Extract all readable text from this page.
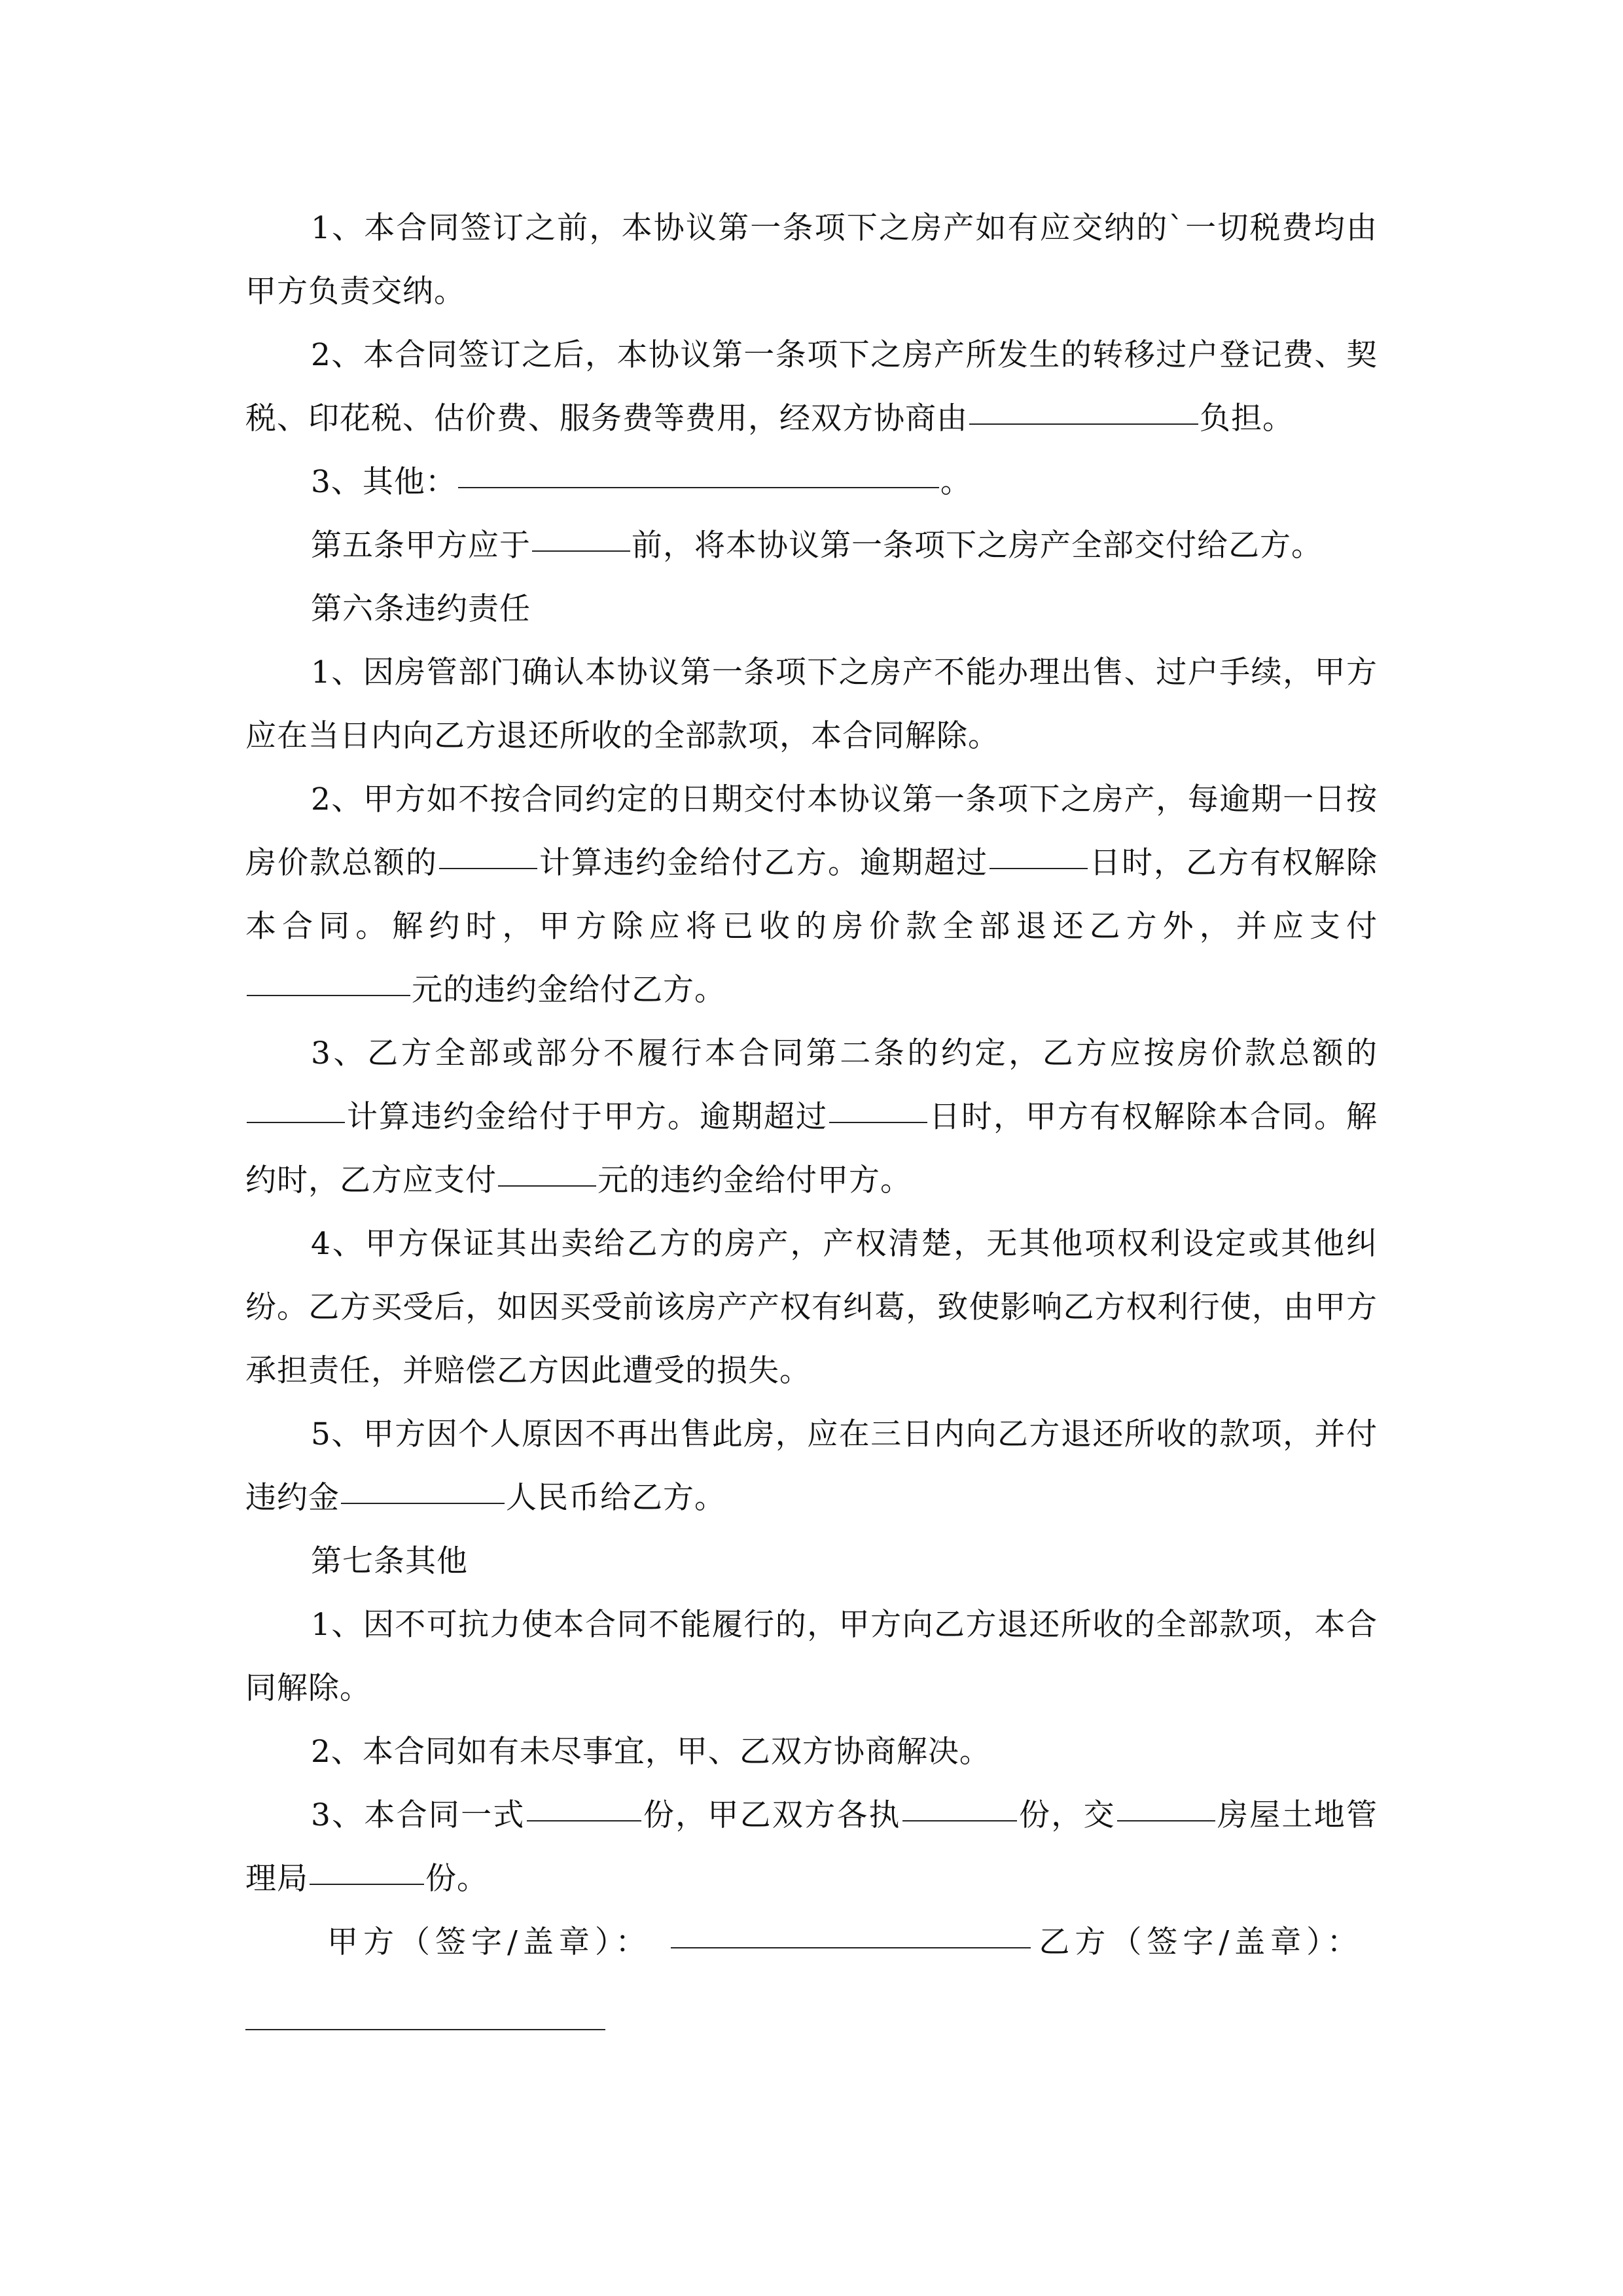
1、本合同签订之前，本协议第一条项下之房产如有应交纳的`一切税费均由甲方负责交纳。

2、本合同签订之后，本协议第一条项下之房产所发生的转移过户登记费、契税、印花税、估价费、服务费等费用，经双方协商由	负担。

3、其他：	。

第五条甲方应于	前，将本协议第一条项下之房产全部交付给乙方。

第六条违约责任

1、因房管部门确认本协议第一条项下之房产不能办理出售、过户手续，甲方应在当日内向乙方退还所收的全部款项，本合同解除。

2、甲方如不按合同约定的日期交付本协议第一条项下之房产，每逾期一日按房价款总额的	计算违约金给付乙方。逾期超过	日时，乙方有权解除本合同。解约时，甲方除应将已收的房价款全部退还乙方外，并应支付元的违约金给付乙方。

3、乙方全部或部分不履行本合同第二条的约定，乙方应按房价款总额的计算违约金给付于甲方。逾期超过	日时，甲方有权解除本合同。解约时，乙方应支付	元的违约金给付甲方。

4、甲方保证其出卖给乙方的房产，产权清楚，无其他项权利设定或其他纠纷。乙方买受后，如因买受前该房产产权有纠葛，致使影响乙方权利行使，由甲方承担责任，并赔偿乙方因此遭受的损失。

5、甲方因个人原因不再出售此房，应在三日内向乙方退还所收的款项，并付违约金	人民币给乙方。

第七条其他

1、因不可抗力使本合同不能履行的，甲方向乙方退还所收的全部款项，本合同解除。

2、本合同如有未尽事宜，甲、乙双方协商解决。

3、本合同一式	份，甲乙双方各执	份，交	房屋土地管理局	份。

甲方（签字/盖章）：	乙方（签字/盖章）：
